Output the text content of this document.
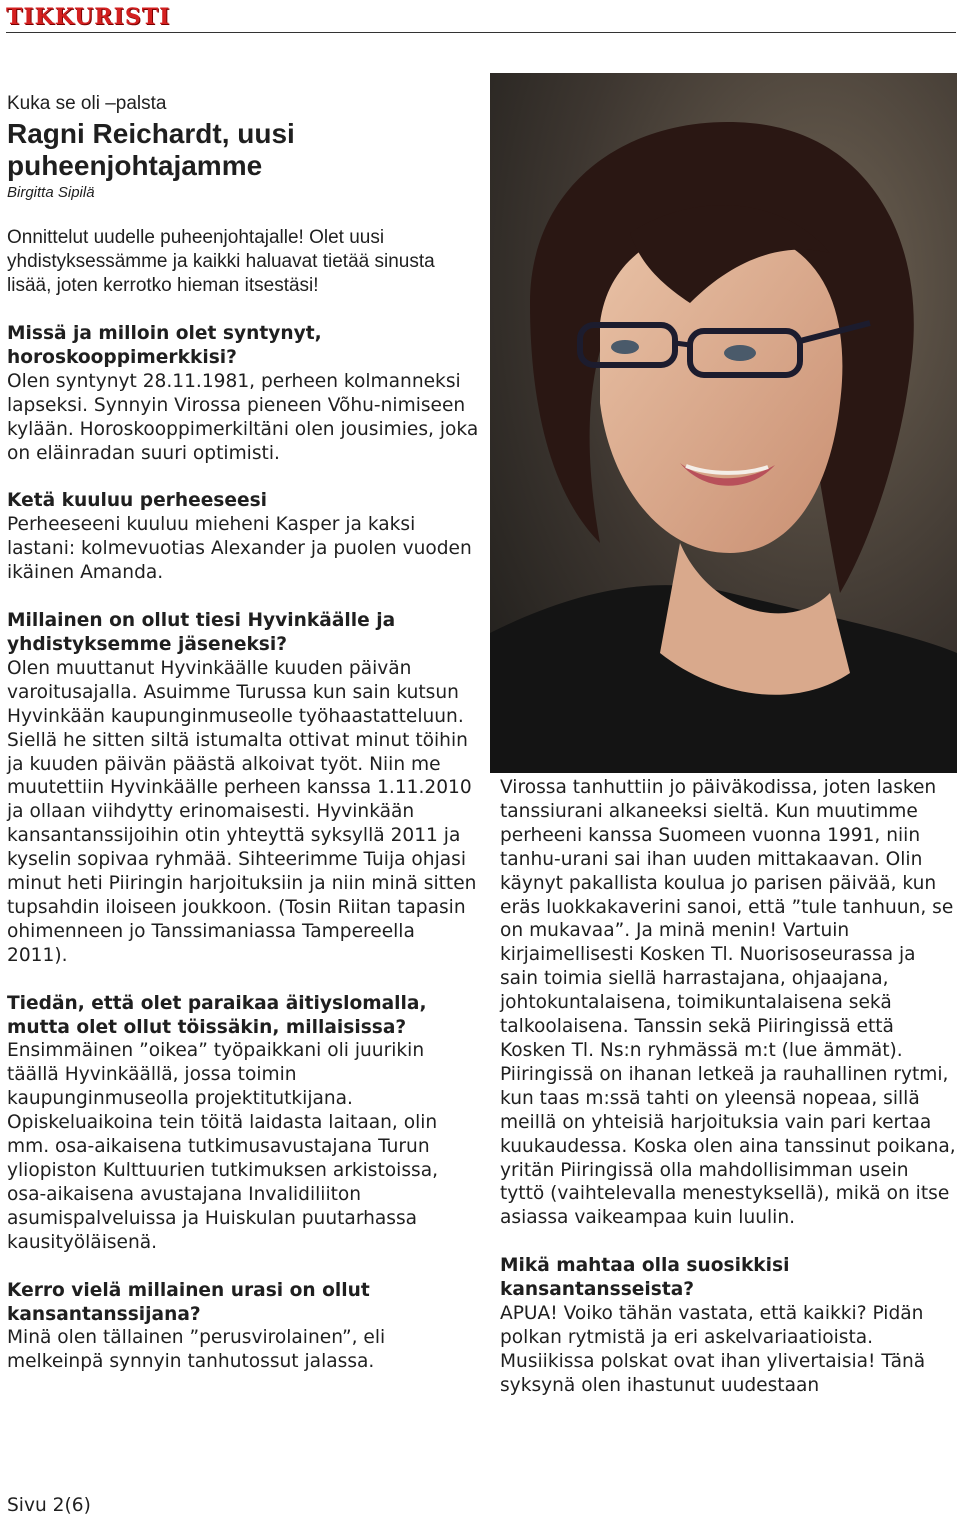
TIKKURISTI

Kuka se oli –palsta

Ragni Reichardt, uusi puheenjohtajamme

Birgitta Sipilä

Onnittelut uudelle puheenjohtajalle! Olet uusi yhdistyksessämme ja kaikki haluavat tietää sinusta lisää, joten kerrotko hieman itsestäsi!

Missä ja milloin olet syntynyt, horoskooppimerkkisi?

Olen syntynyt 28.11.1981, perheen kolmanneksi lapseksi. Synnyin Virossa pieneen Võhu-nimiseen kylään. Horoskooppimerkiltäni olen jousimies, joka on eläinradan suuri optimisti.

Ketä kuuluu perheeseesi

Perheeseeni kuuluu mieheni Kasper ja kaksi lastani: kolmevuotias Alexander ja puolen vuoden ikäinen Amanda.

Millainen on ollut tiesi Hyvinkäälle ja yhdistyksemme jäseneksi?

Olen muuttanut Hyvinkäälle kuuden päivän varoitusajalla. Asuimme Turussa kun sain kutsun Hyvinkään kaupunginmuseolle työhaastatteluun. Siellä he sitten siltä istumalta ottivat minut töihin ja kuuden päivän päästä alkoivat työt. Niin me muutettiin Hyvinkäälle perheen kanssa 1.11.2010 ja ollaan viihdytty erinomaisesti. Hyvinkään kansantanssijoihin otin yhteyttä syksyllä 2011 ja kyselin sopivaa ryhmää. Sihteerimme Tuija ohjasi minut heti Piiringin harjoituksiin ja niin minä sitten tupsahdin iloiseen joukkoon. (Tosin Riitan tapasin ohimenneen jo Tanssimaniassa Tampereella 2011).

Tiedän, että olet paraikaa äitiyslomalla, mutta olet ollut töissäkin, millaisissa?

Ensimmäinen ”oikea” työpaikkani oli juurikin täällä Hyvinkäällä, jossa toimin kaupunginmuseolla projektitutkijana. Opiskeluaikoina tein töitä laidasta laitaan, olin mm. osa-aikaisena tutkimusavustajana Turun yliopiston Kulttuurien tutkimuksen arkistoissa, osa-aikaisena avustajana Invalidiliiton asumispalveluissa ja Huiskulan puutarhassa kausityöläisenä.

Kerro vielä millainen urasi on ollut kansantanssijana?

Minä olen tällainen ”perusvirolainen”, eli melkeinpä synnyin tanhutossut jalassa.

Virossa tanhuttiin jo päiväkodissa, joten lasken tanssiurani alkaneeksi sieltä. Kun muutimme perheeni kanssa Suomeen vuonna 1991, niin tanhu-urani sai ihan uuden mittakaavan. Olin käynyt pakallista koulua jo parisen päivää, kun eräs luokkakaverini sanoi, että ”tule tanhuun, se on mukavaa”. Ja minä menin! Vartuin kirjaimellisesti Kosken Tl. Nuorisoseurassa ja sain toimia siellä harrastajana, ohjaajana, johtokuntalaisena, toimikuntalaisena sekä talkoolaisena. Tanssin sekä Piiringissä että Kosken Tl. Ns:n ryhmässä m:t (lue ämmät). Piiringissä on ihanan letkeä ja rauhallinen rytmi, kun taas m:ssä tahti on yleensä nopeaa, sillä meillä on yhteisiä harjoituksia vain pari kertaa kuukaudessa. Koska olen aina tanssinut poikana, yritän Piiringissä olla mahdollisimman usein tyttö (vaihtelevalla menestyksellä), mikä on itse asiassa vaikeampaa kuin luulin.

Mikä mahtaa olla suosikkisi kansantansseista?

APUA! Voiko tähän vastata, että kaikki? Pidän polkan rytmistä ja eri askelvariaatioista. Musiikissa polskat ovat ihan ylivertaisia! Tänä syksynä olen ihastunut uudestaan

Sivu 2(6)
